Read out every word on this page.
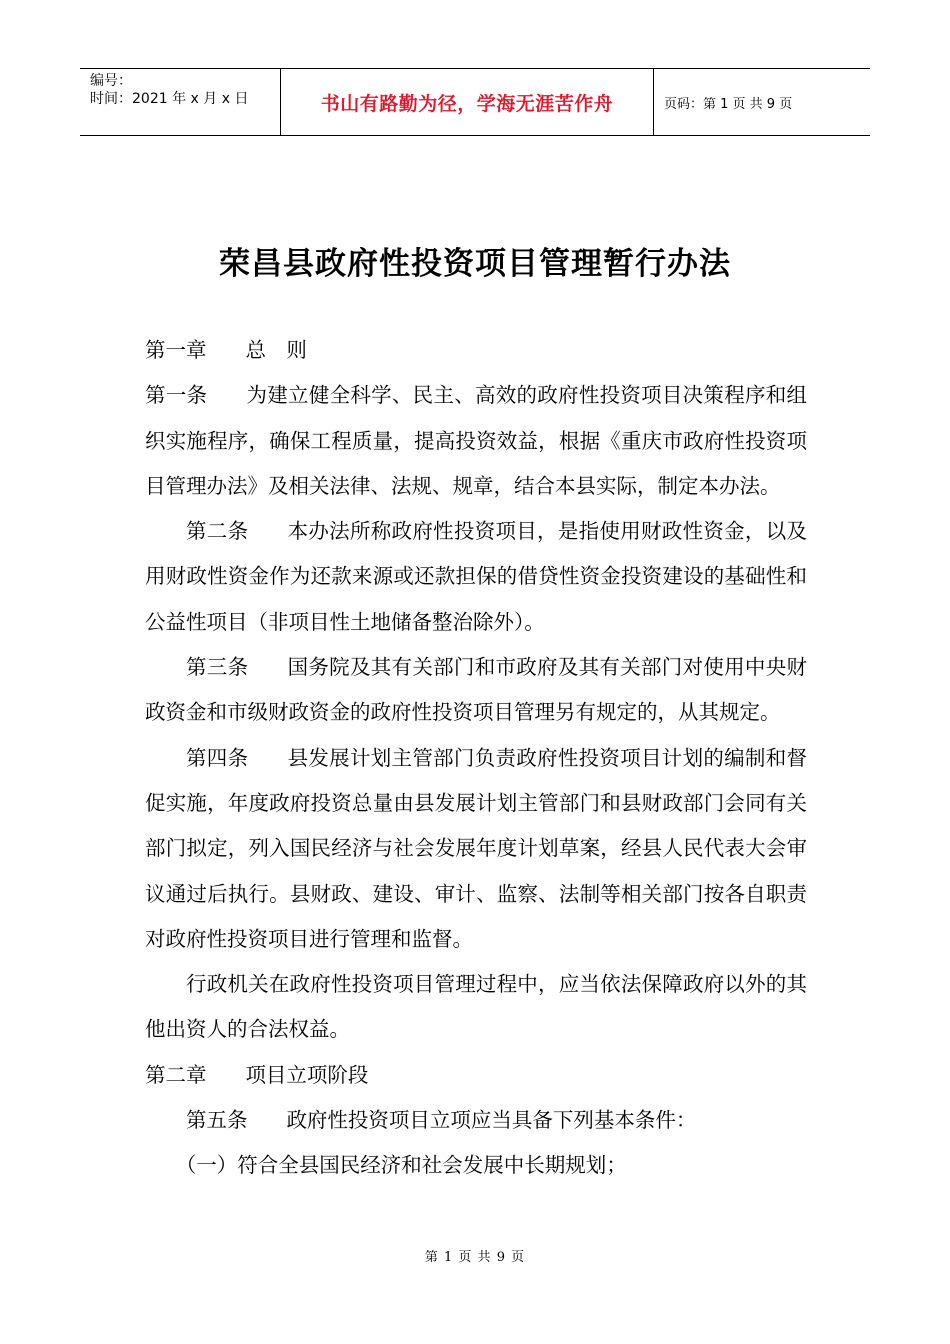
编号：
时间：2021 年 x 月 x 日	书山有路勤为径，学海无涯苦作舟	页码：第 1 页 共 9 页
荣昌县政府性投资项目管理暂行办法

第一章 总　则

第一条 为建立健全科学、民主、高效的政府性投资项目决策程序和组织实施程序，确保工程质量，提高投资效益，根据《重庆市政府性投资项目管理办法》及相关法律、法规、规章，结合本县实际，制定本办法。

第二条 本办法所称政府性投资项目，是指使用财政性资金，以及用财政性资金作为还款来源或还款担保的借贷性资金投资建设的基础性和公益性项目（非项目性土地储备整治除外）。

第三条 国务院及其有关部门和市政府及其有关部门对使用中央财政资金和市级财政资金的政府性投资项目管理另有规定的，从其规定。

第四条 县发展计划主管部门负责政府性投资项目计划的编制和督促实施，年度政府投资总量由县发展计划主管部门和县财政部门会同有关部门拟定，列入国民经济与社会发展年度计划草案，经县人民代表大会审议通过后执行。县财政、建设、审计、监察、法制等相关部门按各自职责对政府性投资项目进行管理和监督。

行政机关在政府性投资项目管理过程中，应当依法保障政府以外的其他出资人的合法权益。

第二章 项目立项阶段

第五条 政府性投资项目立项应当具备下列基本条件：

（一）符合全县国民经济和社会发展中长期规划；

第 1 页 共 9 页
